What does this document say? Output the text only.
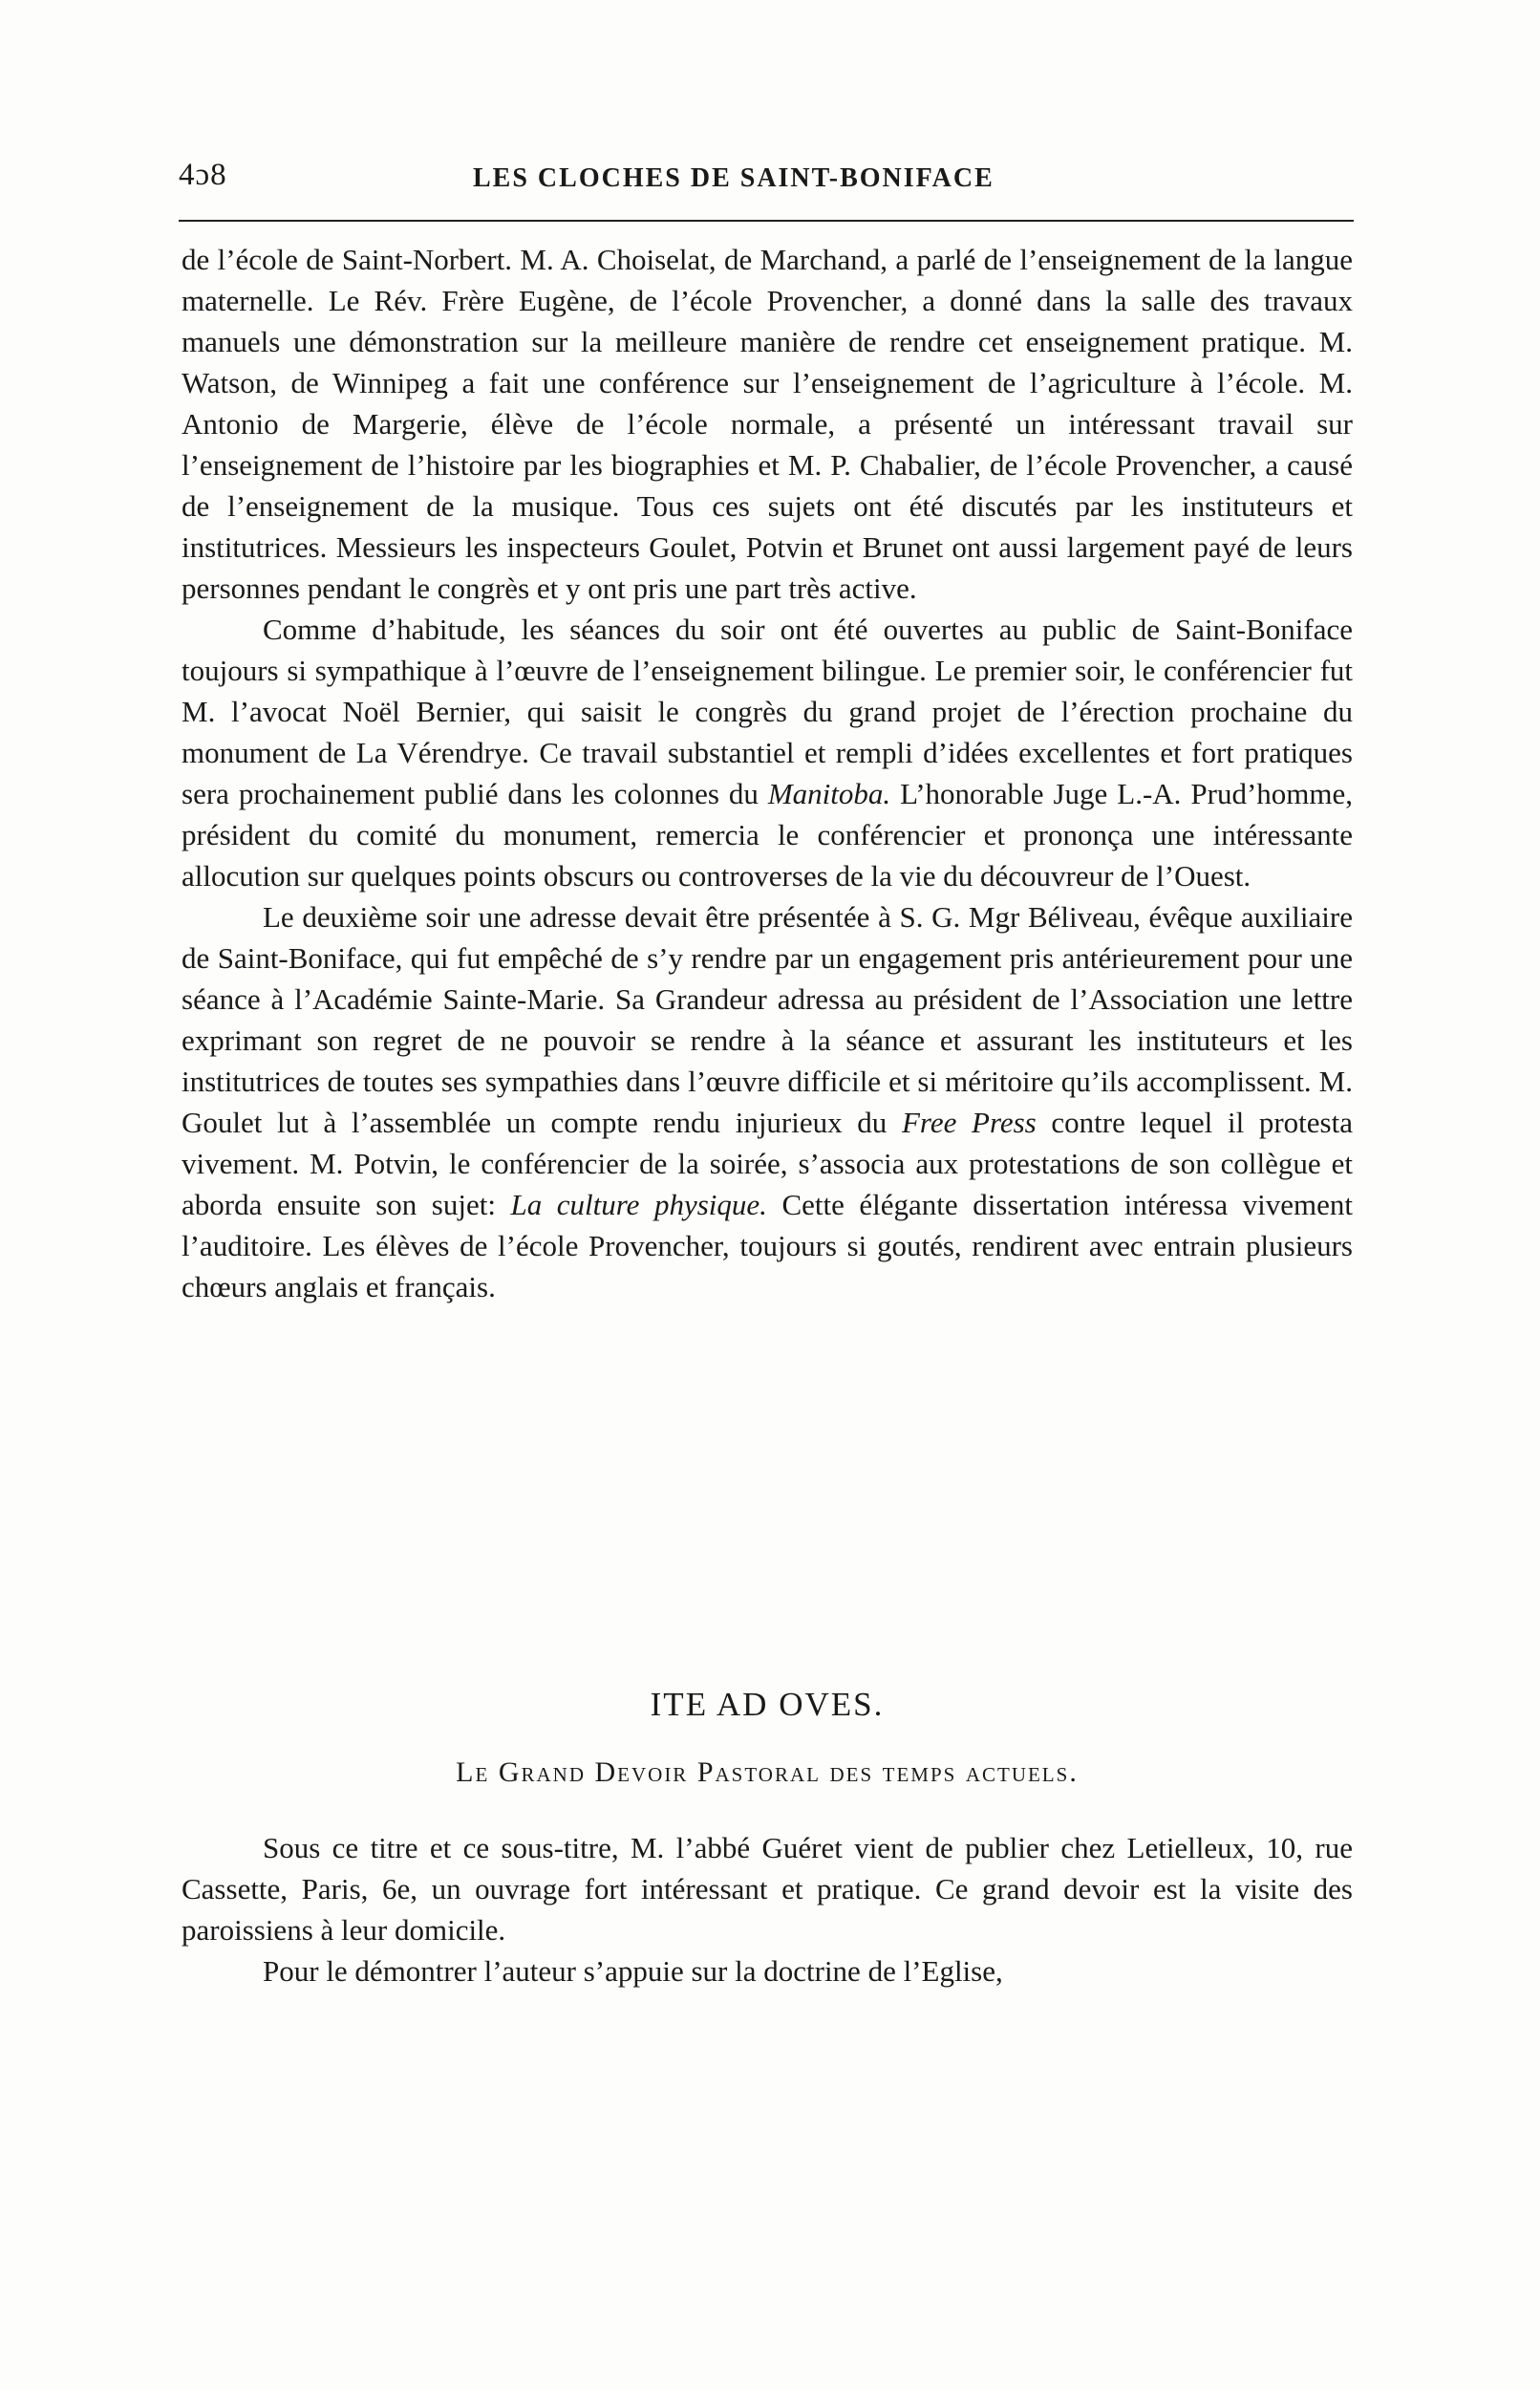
4ɔ8	LES CLOCHES DE SAINT-BONIFACE

de l’école de Saint-Norbert. M. A. Choiselat, de Marchand, a parlé de l’enseignement de la langue maternelle. Le Rév. Frère Eugène, de l’école Provencher, a donné dans la salle des travaux manuels une démonstration sur la meilleure manière de rendre cet enseignement pratique. M. Watson, de Winnipeg a fait une conférence sur l’enseignement de l’agriculture à l’école. M. Antonio de Margerie, élève de l’école normale, a présenté un intéressant travail sur l’enseignement de l’histoire par les biographies et M. P. Chabalier, de l’école Provencher, a causé de l’enseignement de la musique. Tous ces sujets ont été discutés par les instituteurs et institutrices. Messieurs les inspecteurs Goulet, Potvin et Brunet ont aussi largement payé de leurs personnes pendant le congrès et y ont pris une part très active.

Comme d’habitude, les séances du soir ont été ouvertes au public de Saint-Boniface toujours si sympathique à l’œuvre de l’enseignement bilingue. Le premier soir, le conférencier fut M. l’avocat Noël Bernier, qui saisit le congrès du grand projet de l’érection prochaine du monument de La Vérendrye. Ce travail substantiel et rempli d’idées excellentes et fort pratiques sera prochainement publié dans les colonnes du Manitoba. L’honorable Juge L.-A. Prud’homme, président du comité du monument, remercia le conférencier et prononça une intéressante allocution sur quelques points obscurs ou controverses de la vie du découvreur de l’Ouest.

Le deuxième soir une adresse devait être présentée à S. G. Mgr Béliveau, évêque auxiliaire de Saint-Boniface, qui fut empêché de s’y rendre par un engagement pris antérieurement pour une séance à l’Académie Sainte-Marie. Sa Grandeur adressa au président de l’Association une lettre exprimant son regret de ne pouvoir se rendre à la séance et assurant les instituteurs et les institutrices de toutes ses sympathies dans l’œuvre difficile et si méritoire qu’ils accomplissent. M. Goulet lut à l’assemblée un compte rendu injurieux du Free Press contre lequel il protesta vivement. M. Potvin, le conférencier de la soirée, s’associa aux protestations de son collègue et aborda ensuite son sujet: La culture physique. Cette élégante dissertation intéressa vivement l’auditoire. Les élèves de l’école Provencher, toujours si goutés, rendirent avec entrain plusieurs chœurs anglais et français.

ITE AD OVES.
Le Grand Devoir Pastoral des temps actuels.

Sous ce titre et ce sous-titre, M. l’abbé Guéret vient de publier chez Letielleux, 10, rue Cassette, Paris, 6e, un ouvrage fort intéressant et pratique. Ce grand devoir est la visite des paroissiens à leur domicile.

Pour le démontrer l’auteur s’appuie sur la doctrine de l’Eglise,
